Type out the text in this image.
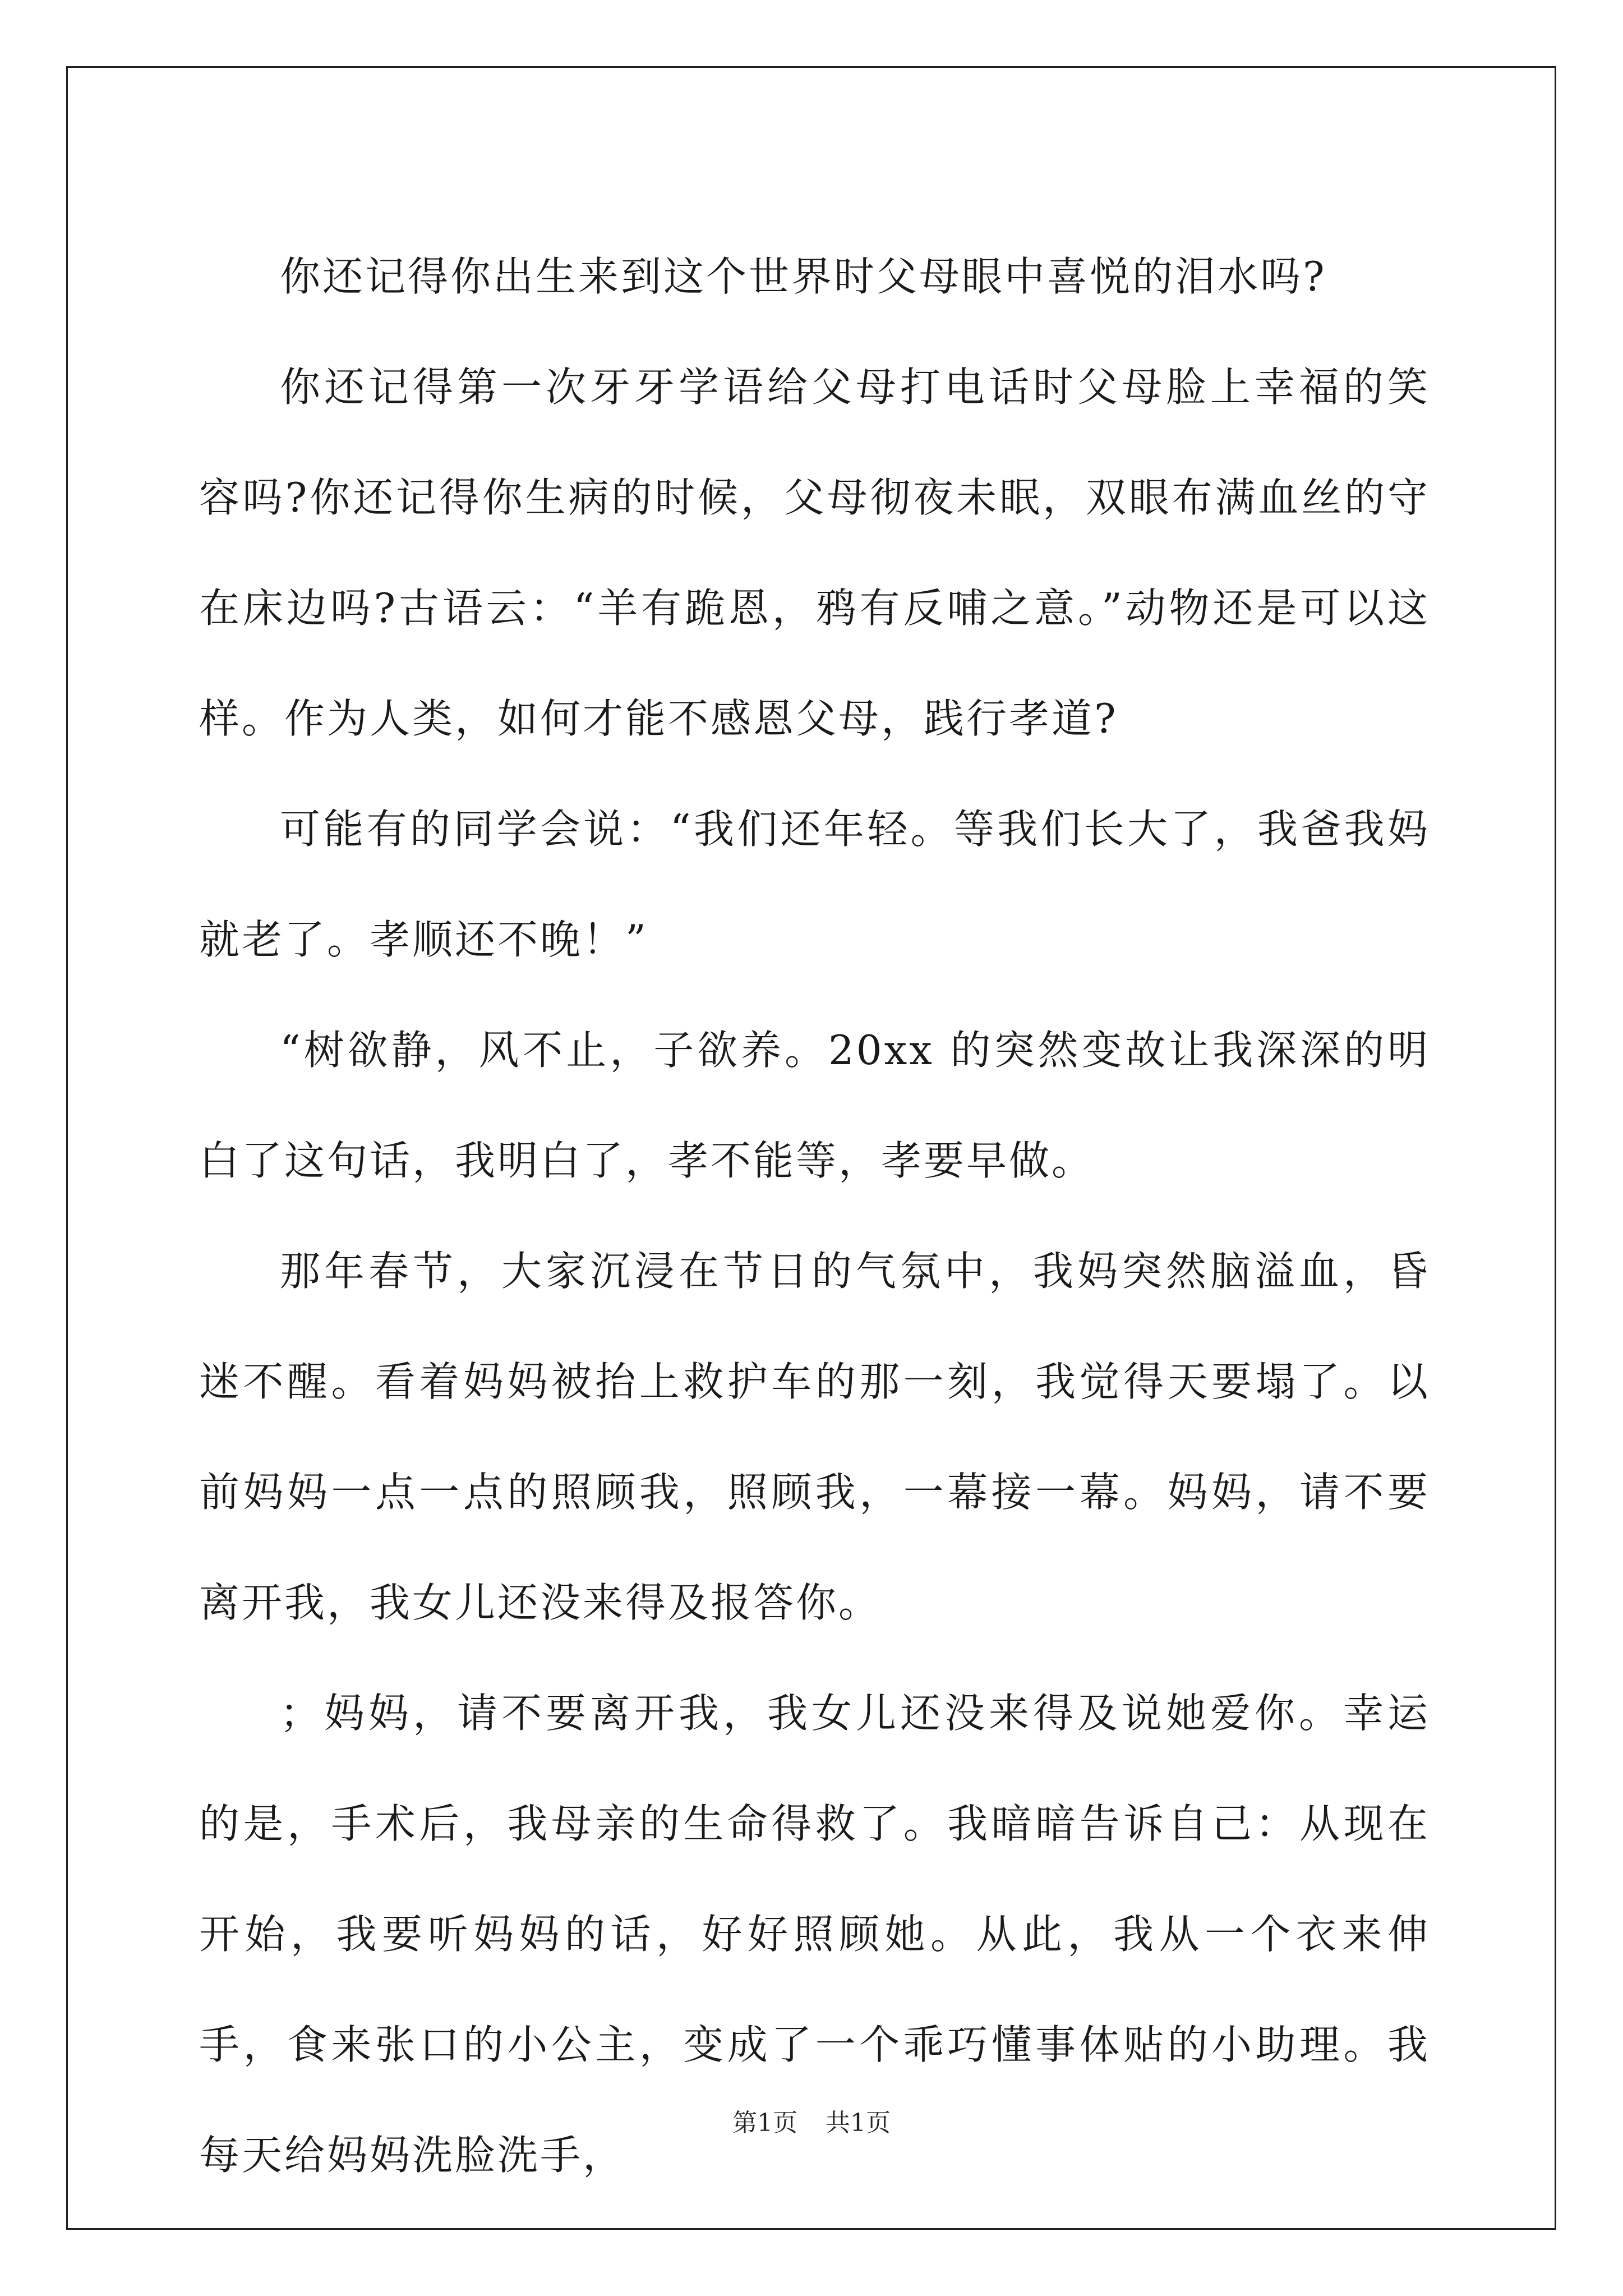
你还记得你出生来到这个世界时父母眼中喜悦的泪水吗?

你还记得第一次牙牙学语给父母打电话时父母脸上幸福的笑容吗?你还记得你生病的时候，父母彻夜未眠，双眼布满血丝的守在床边吗?古语云：“羊有跪恩，鸦有反哺之意。”动物还是可以这样。作为人类，如何才能不感恩父母，践行孝道?

可能有的同学会说：“我们还年轻。等我们长大了，我爸我妈就老了。孝顺还不晚！”

“树欲静，风不止，子欲养。20xx 的突然变故让我深深的明白了这句话，我明白了，孝不能等，孝要早做。

那年春节，大家沉浸在节日的气氛中，我妈突然脑溢血，昏迷不醒。看着妈妈被抬上救护车的那一刻，我觉得天要塌了。以前妈妈一点一点的照顾我，照顾我，一幕接一幕。妈妈，请不要离开我，我女儿还没来得及报答你。

；妈妈，请不要离开我，我女儿还没来得及说她爱你。幸运的是，手术后，我母亲的生命得救了。我暗暗告诉自己：从现在开始，我要听妈妈的话，好好照顾她。从此，我从一个衣来伸手，食来张口的小公主，变成了一个乖巧懂事体贴的小助理。我每天给妈妈洗脸洗手，

第1页 共1页
